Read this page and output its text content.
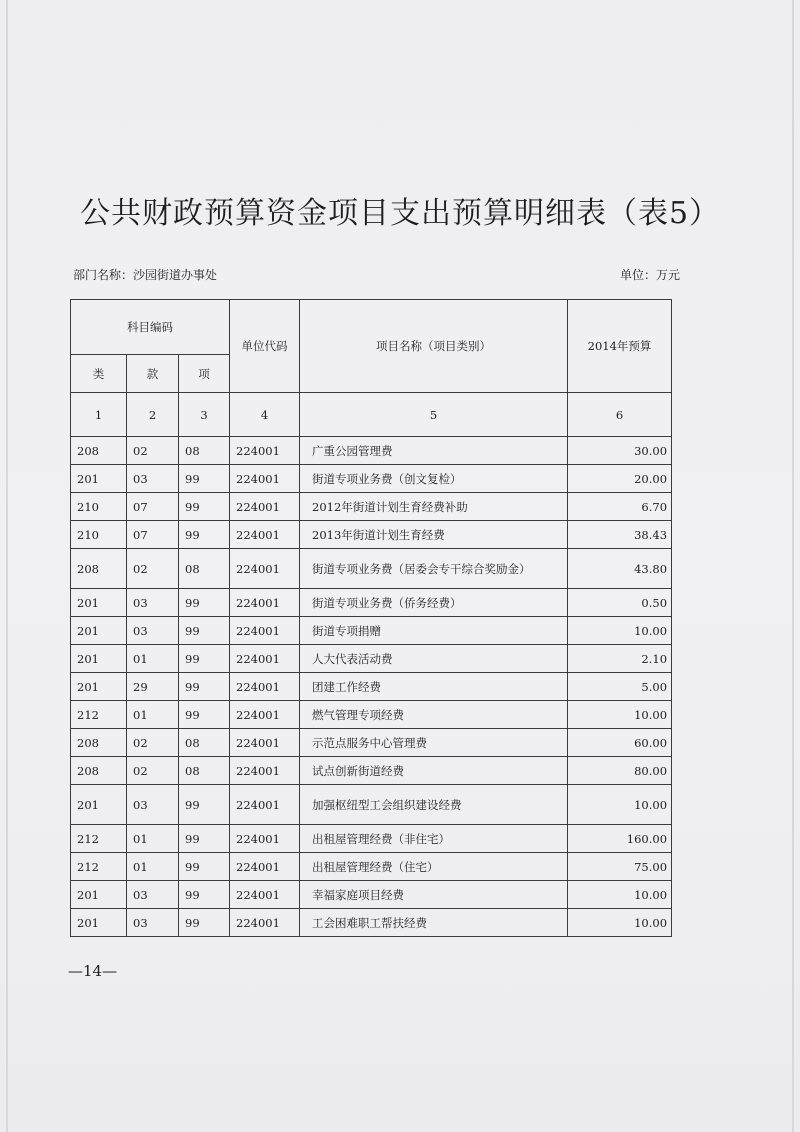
公共财政预算资金项目支出预算明细表（表5）
部门名称：沙园街道办事处	单位：万元
科目编码			单位代码	项目名称（项目类别）	2014年预算
类	款	项			
1	2	3	4	5	6
208	02	08	224001	广重公园管理费	30.00
201	03	99	224001	街道专项业务费（创文复检）	20.00
210	07	99	224001	2012年街道计划生育经费补助	6.70
210	07	99	224001	2013年街道计划生育经费	38.43
208	02	08	224001	街道专项业务费（居委会专干综合奖励金）	43.80
201	03	99	224001	街道专项业务费（侨务经费）	0.50
201	03	99	224001	街道专项捐赠	10.00
201	01	99	224001	人大代表活动费	2.10
201	29	99	224001	团建工作经费	5.00
212	01	99	224001	燃气管理专项经费	10.00
208	02	08	224001	示范点服务中心管理费	60.00
208	02	08	224001	试点创新街道经费	80.00
201	03	99	224001	加强枢纽型工会组织建设经费	10.00
212	01	99	224001	出租屋管理经费（非住宅）	160.00
212	01	99	224001	出租屋管理经费（住宅）	75.00
201	03	99	224001	幸福家庭项目经费	10.00
201	03	99	224001	工会困难职工帮扶经费	10.00
—14—
